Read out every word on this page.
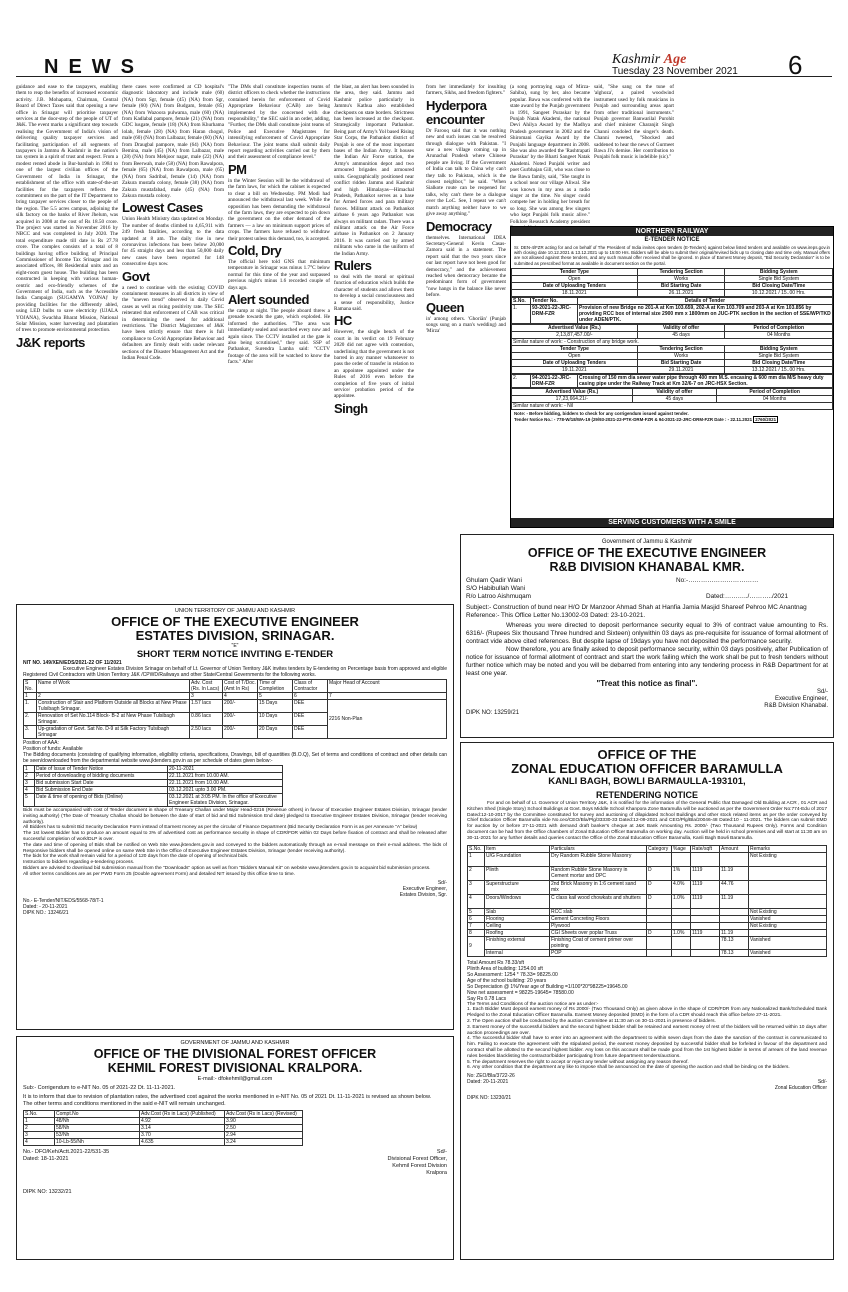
NEWS	Kashmir Age
Tuesday 23 November 2021 6

guidance and ease to the taxpayers, enabling them to reap the benefits of increased economic activity. J.B. Mohapatra, Chairman, Central Board of Direct Taxes said that opening a new office in Srinagar will prioritise taxpayer services at the door-step of the people of UT of J&K. The event marks a significant step towards realising the Government of India's vision of delivering quality taxpayer services and facilitating participation of all segments of taxpayers in Jammu & Kashmir in the nation's tax system in a spirit of trust and respect. From a modest rented abode in Bur-barshah in 1984 to one of the largest civilian offices of the Government of India in Srinagar, the establishment of the office with state-of-the-art facilities for the taxpayers reflects the commitment on the part of the IT Department to bring taxpayer services closer to the people of the region. The 5.5 acres campus, adjoining the silk factory on the banks of River Jhelum, was acquired in 2008 at the cost of Rs 18.50 crore. The project was started in November 2016 by NBCC and was completed in July 2020. The total expenditure made till date is Rs 27.78 crore. The complex consists of a total of 8 buildings having office building of Principal Commissioner of Income Tax Srinagar and its associated offices, 88 Residential units and an eight-room guest house. The building has been constructed in keeping with various human-centric and eco-friendly schemes of the Government of India, such as the 'Accessible India Campaign (SUGAMYA YOJNA)' by providing facilities for the differently abled, using LED bulbs to save electricity (UJALA YOJANA), Swachha Bharat Mission, National Solar Mission, water harvesting and plantation of trees to promote environmental protection.

J&K reports

there cases were confirmed at CD hospital's diagnostic laboratory and include male (60) (NA) from Sgr, female (45) (NA) from Sgr, female (60) (NA) from Budgam, female (85) (NA) from Wazoora pulwama, male (60) (NA) from Kadlabal pampore, female (21) (NA) from GDC lusgate, female (18) (NA) from Khurhama lolab, female (28) (NA) from Haran chogul, male (60) (NA) from Lalbazar, female (60) (NA) from Draugbal pampore, male (64) (NA) from Bemina, male (45) (NA) from Lalbazar, male (28) (NA) from Mehjoor nagar, male (22) (NA) from Beerwah, male (58) (NA) from Rawalpora, female (65) (NA) from Rawalpora, male (65) (NA) from Sadribal, female (14) (NA) from Zakura mustafa colony, female (38) (NA) from Zakura mustafabad, male (45) (NA) from Zakura mustafa colony.

Lowest Cases

Union Health Ministry data updated on Monday. The number of deaths climbed to 4,65,911 with 249 fresh fatalities, according to the data updated at 8 am. The daily rise in new coronavirus infections has been below 20,000 for 45 straight days and less than 50,000 daily new cases have been reported for 148 consecutive days now.

Govt

a need to continue with the existing COVID containment measures in all districts in view of the "uneven trend" observed in daily Covid cases as well as rising positivity rate. The SEC reiterated that enforcement of CAB was critical in determining the need for additional restrictions. The District Magistrates of J&K have been strictly ensure that there is full compliance to Covid Appropriate Behaviour and defaulters are firmly dealt with under relevant sections of the Disaster Management Act and the Indian Penal Code.

"The DMs shall constitute inspection teams of district officers to check whether the instructions contained herein for enforcement of Covid Appropriate Behaviour (CAB) are being implemented by the concerned with due responsibility," the SEC said in an order, adding, "Further, the DMs shall constitute joint teams of Police and Executive Magistrates for intensifying enforcement of Covid Appropriate Behaviour. The joint teams shall submit daily report regarding activities carried out by them and their assessment of compliance level."

PM

in the Winter Session will be the withdrawal of the farm laws, for which the cabinet is expected to clear a bill on Wednesday. PM Modi had announced the withdrawal last week. While the opposition has been demanding the withdrawal of the farm laws, they are expected to pin down the government on the other demand of the farmers — a law on minimum support prices of crops. The farmers have refused to withdraw their protest unless this demand, too, is accepted.

Cold, Dry

The official here told GNS that minimum temperature in Srinagar was minus 1.7°C below normal for this time of the year and surpassed previous night's minus 1.6 recorded couple of days ago.

Alert sounded

the camp at night. The people aboard threw a grenade towards the gate, which exploded. He informed the authorities. "The area was immediately sealed and searched every now and again since. The CCTV installed at the gate is also being scrutinised," they said. SSP of Pathankot, Surendra Lamba said: "CCTV footage of the area will be watched to know the facts." After

the blast, an alert has been sounded in the area, they said. Jammu and Kashmir police particularly in Jammu's Kathua also established checkposts on state borders. Strictness has been increased at the checkpost. Strategically important Pathankot. Being part of Army's Yol based Rising Star Corps, the Pathankot district of Punjab is one of the most important bases of the Indian Army. It houses the Indian Air Force station, the Army's ammunition depot and two armoured brigades and armoured units. Geographically positioned near conflict ridden Jammu and Kashmir and high Himalayas—Himachal Pradesh, Pathankot serves as a base for Armed forces and para military forces. Militant attack on Pathankot airbase 6 years ago Pathankot was always on militant radars. There was a militant attack on the Air Force airbase in Pathankot on 2 January 2016. It was carried out by armed militants who came in the uniform of the Indian Army.

Rulers

to deal with the moral or spiritual function of education which builds the character of students and allows them to develop a social consciousness and a sense of responsibility, Justice Ramana said.

HC

However, the single bench of the court in its verdict on 19 February 2020 did not agree with contention, underlining that the government is not barred in any manner whatsoever to pass the order of transfer in relation to an appointee appointed under the Rules of 2016 even before the completion of five years of initial service/ probation period of the appointee.

Singh

from her immediately for insulting farmers, Sikhs, and freedom fighters."

Hyderpora encounter

Dr Farooq said that it was nothing new and such issues can be resolved through dialogue with Pakistan. "I saw a new village coming up in Arunachal Pradesh where Chinese people are living. If the Government of India can talk to China why can't they talk to Pakistan, which is the closest neighbor," he said. "When Sialkote route can be reopened for talks, why can't there be a dialogue over the LoC. See, I repeat we can't match anything neither have to we give away anything."

Democracy

themselves. International IDEA Secretary-General Kevin Casas-Zamora said in a statement. The report said that the two years since our last report have not been good for democracy," and the achievement reached when democracy became the predominant form of government "now hangs in the balance like never before.

Queen

in' among others. 'Ghoriān' (Punjab songs sung on a man's wedding) and 'Mirza'

(a song portraying saga of Mirza-Sahiba), sung by her, also became popular. Bawa was conferred with the state award by the Punjab government in 1991, Sangeet Puraskar by the Punjab Natak Akademi, the national Devi Ahilya Award by the Madhya Pradesh government in 2002 and the Shiromani Gayika Award by the Punjabi language department in 2008. She was also awarded the 'Rashtrapati Puraskar' by the Bharti Sangeet Natak Akademi. Noted Punjabi writer and poet Gurbhajan Gill, who was close to the Bawa family, said, "She taught in a school near our village Aliwal. She was known in my area as a radio singer at the time. No singer could compete her in holding her breath for so long. She was among few singers who kept Punjabi folk music alive." Folklore Research Academy president

said, "She sang on the tune of 'alghoza', a paired woodwind instrument used by folk musicians in Punjab and surrounding areas apart from other traditional instruments." Punjab governor Banwarilal Purohit and chief minister Charanjit Singh Channi condoled the singer's death. Channi tweeted, "Shocked and saddened to hear the news of Gurmeet Bawa Ji's demise. Her contribution to Punjabi folk music is indelible (sic)."

NORTHERN RAILWAY
E-TENDER NOTICE
Sr. DEN-4/FZR acting for and on behalf of The President of India invites open tenders (E-Tenders) against below listed tenders and available on www.ireps.gov.in with closing date 10.12.2021 & 13.12.2021 up to 15:00 Hrs. Bidders will be able to submit their original/revised bids up to closing date and time only. Manual offers are not allowed against these tenders, and any such manual offer received shall be ignored. In place of Earnest Money deposit, "Bid Security Declaration" is to be submitted as prescribed format as available in document section on the portal.
Tender Type	Tendering Section	Bidding System
Open	Works	Single Bid System
Date of Uploading Tenders	Bid Starting Date	Bid Closing Date/Time
18.11.2021	26.11.2021	10.12.2021 / 15..00 Hrs.
S.No.	Tender No.	Details of Tender
1.	93-2021-22-JRC-DRM-FZR	Provision of new Bridge no 201-A at Km 103.659, 202-A at Km 103.709 and 203-A at Km 103.856 by providing RCC box of internal size 2900 mm x 1800mm on JUC-PTK section in the section of SSE/WP/TKD under ADEN/PTK.
Advertised Value (Rs.)	Validity of offer	Period of Completion
2,13,87,457.00/-	45 days	04 Months
Similar nature of work: - Construction of any bridge work.		
Tender Type	Tendering Section	Bidding System
Open	Works	Single Bid System
Date of Uploading Tenders	Bid Starting Date	Bid Closing Date/Time
19.11.2021	29.11.2021	13.12.2021 / 15..00 Hrs.
2.	94-2021-22-JRC-DRM-FZR	Crossing of 150 mm dia sewer water pipe through 400 mm M.S. encasing & 600 mm dia M/S heavy duty casing pipe under the Railway Track at Km 32/6-7 on JRC-HSX Section.
Advertised Value (Rs.)	Validity of offer	Period of Completion
17,23,664.21/-	45 days	04 Months
Similar nature of work: - Nil		
Note: - Before bidding, bidders to check for any corrigendum issued against tender.
Tender Notice No.: - 778-W/18/WA-19 (29/93-2021-22-PTK-DRM-FZR & 94-2021-22-JRC-DRM-FZR Date : - 22.11.2021 2760/2021
SERVING CUSTOMERS WITH A SMILE
Government of Jammu & Kashmir
OFFICE OF THE EXECUTIVE ENGINEER
R&B DIVISION KHANABAL KMR.
Ghulam Qadir Wani
S/O Habibullah Wani
R/o Latroo Aishmuqam
No:-……………………………
Dated:………../………../2021
Subject:- Construction of bund near H/O Dr Manzoor Ahmad Shah at Hanfia Jamia Masjid Shareef Pehroo MC Anantnag
Reference:- This Office Letter No.13002-03 Dated: 23-10-2021.
Whereas you were directed to deposit performance security equal to 3% of contract value amounting to Rs. 6316/- (Rupees Six thousand Three hundred and Sixteen) onlywithin 03 days as pre-requisite for issuance of formal allotment of contract vide above cited references. But despite lapse of 19days you have not deposited the performance security.
Now therefore, you are finally asked to deposit performance security, within 03 days positively, after Publication of notice for issuance of formal allotment of contract and start the work failing which the work shall be put to fresh tenders without further notice which may be noted and you will be debarred from entering into any tendering process in R&B Department for at least one year.
"Treat this notice as final".
Sd/-
Executive Engineer,
R&B Division Khanabal.
DIPK NO: 13259/21
UNION TERRITORY OF JAMMU AND KASHMIR
OFFICE OF THE EXECUTIVE ENGINEER
ESTATES DIVISION, SRINAGAR.
"E"
SHORT TERM NOTICE INVITING E-TENDER
NIT NO. 149/XEN/EDS/2021-22 OF 11/2021
Executive Engineer Estates Division Srinagar on behalf of Lt. Governor of Union Territory J&K invites tenders by E-tendering on Percentage basis from approved and eligible Registered Civil Contractors with Union Territory J&K /CPWD/Railways and other State/Central Governments for the following works.
S No.	Name of Work	Adv. Cost (Rs. In Lacs)	Cost of T/Doc. (Amt In Rs)	Time of Completion	Class of Contractor	Major Head of Account
1	2	3	4	5	6	7
1.	Construction of Stair and Platform Outside all Blocks at New Phase Tulsibagh Srinagar.	1.57 lacs	200/-	15 Days	DEE	2216 Non-Plan
2.	Renovation of Set No.114 Block- B-2 at New Phase Tulsibagh Srinagar.	0.86 lacs	200/-	10 Days	DEE	
3.	Up-gradation of Govt. Sat No. D-9 at Silk Factory Tulsibagh Srinagar	2.50 lacs	200/-	20 Days	DEE	
Position of AAA:
Position of funds: Available
The Bidding documents (consisting of qualifying information, eligibility criteria, specifications, Drawings, bill of quantities (B.O.Q), Set of terms and conditions of contract and other details can be seen/downloaded from the departmental website www.jktenders.gov.in as per schedule of dates given below:-
1	Date of Issue of Tender Notice	20-11-2021
2	Period of downloading of bidding documents	22.11.2021 from 10.00 AM.
3	Bid submission Start Date	22.11.2021 from 10.00 AM.
4	Bid Submission End Date	03.12.2021 upto 3.00 PM.
5	Date & time of opening of Bids (Online)	03.12.2021 at 3:05 PM. In the office of Executive Engineer Estates Division, Srinagar.
Bids must be accompanied with cost of Tender document in shape of Treasury Challan under Major Head-0216 (Revenue others) in favour of Executive Engineer Estates Division, Srinagar (tender inviting authority) (The Date of Treasury Challan should be between the date of start of bid and Bid Submission End date) pledged to Executive Engineer Estates Division, Srinagar (tender receiving authority).
All Bidders has to submit Bid Security Declaration Form instead of Earnest money as per the circular of Finance Department (Bid Security Declaration Form is as per Annexure "A" below)
The 1st lowest Bidder has to produce an amount equal to 3% of advertised cost as performance security in shape of CDR/FDR within 02 Days before fixation of contract and shall be released after successful completion of work/DLP is over.
The date and time of opening of Bids shall be notified on Web Site www.jktenders.gov.in and conveyed to the bidders automatically through an e-mail message on their e-mail address. The bids of Responsive bidders shall be opened online on same Web Site in the Office of Executive Engineer Estates Division, Srinagar (tender receiving authority).
The bids for the work shall remain valid for a period of 120 days from the date of opening of technical bids.
Instruction to bidders regarding e-tendering process.
Bidders are advised to download bid submission manual from the "Downloads" option as well as from "Bidders Manual Kit" on website www.jktenders.gov.in to acquaint bid submission process.
All other terms conditions are as per PWD Form 25 (Double agreement Form) and detailed NIT issued by this office time to time.
Sd/-
Executive Engineer,
Estates Division, Sgr.
No.- E-Tender/NIT/EDS/5568-78/T-1
Dated: - 20-11-2021
DIPK NO.: 13246/21
GOVERNMENT OF JAMMU AND KASHMIR
OFFICE OF THE DIVISIONAL FOREST OFFICER
KEHMIL FOREST DIVISIONAL KRALPORA.
E-mail:- dfokehmil@gmail.com
Sub:- Corrigendum to e-NIT No. 05 of 2021-22 Dt. 11-11-2021.
It is to inform that due to revision of plantation rates, the advertised cost against the works mentioned in e-NIT No. 05 of 2021 Dt. 11-11-2021 is revised as shown below.
The other terms and conditions mentioned in the said e-NIT will remain unchanged.
S.No.	Compt.No	Adv.Cost (Rs in Lacs) (Published)	Adv.Cost (Rs in Lacs) (Revised)
1	48/Nh	4.92	3.90
2	58/Nh	3.14	2.50
3	53/Nh	3.70	2.94
4	10-Lb-55/Nh	4.635	3.24
No.- DFO/Keh/Actt.2021-22/531-35
Dated: 18-11-2021
Sd/-
Divisional Forest Officer,
Kehmil Forest Division
Kralpora
DIPK NO: 13232/21
OFFICE OF THE
ZONAL EDUCATION OFFICER BARAMULLA
KANLI BAGH, BOWLI BARMAULLA-193101,
RETENDERING NOTICE
For and on behalf of Lt. Governor of Union Territory J&K, it is notified for the information of the General Public that Damaged Old Building at ACR , 01 ACR and Kitchen Shed (Single Story) School Buildings at Govt. Boys Middle School Khanpora Zone Baramulla will be auctioned as per the Government Order No:774-Edu of 2017 Dated:12-10-2017 by the Committee constituted for survey and auctioning of dilapidated School Buildings and other stock related items as per the order conveyed by Chief Education Officer Baramulla vide No.ceo/CEO/Bla/Plg/33330-33 Dated:12-09-2021 and CEO/Plg/Bla/20046-48 Dated:10 - 11-2021. The bidders can submit EMD for auction by or before 27-11-2021 with demand draft banker's cheque at J&K Bank Amounting Rs. 2000/- (Two Thousand Rupees Only). Forms and Condition document can be had from the Office chambers of Zonal Education Officer Baramulla on working day. Auction will be held in school premises and will start at 11:30 am on 30-11-2021 for any further details and queries contact the Office of the Zonal Education Officer Baramulla, Kanli Bagh Bowli Baramulla.
S.No.	Item	Particulars	Category	%age	Rate/sqft	Amount	Remarks
1	U/G Foundation	Dry Random Rubble Stone Masonry					Not Existing
2	Plinth	Random Rubble Stone Masonry in Cement mortar and DPC	D	1%	1119	11.19	
3	Superstructure	2nd Brick Masonry in 1:6 cement sand mix	D	4.0%	1119	44.76	
4	Doors/Windows	C class kail wood chowkats and shutters	D	1.0%	1119	11.19	
5	Slab	RCC slab					Not Existing
6	Flooring	Cement Concreting Floors					Vanished
7	Ceiling	Plywood					Not Existing
8	Roofing	CGI Sheets over poplar Truss	D	1.0%	1119	11.19	
9	Finishing external	Finishing Coat of cement primer over pointing				78.13	Vanished
	Internal	POP				78.13	Vanished
Total Amount Rs 78.33/sft
Plinth Area of building: 1254.00 sft
So Assessment: 1254 * 78.33= 98225.00
Age of the school building: 20 years
So Depreciation @ 1%/Year age of Building =1/100*20*98225=19645.00
Now net assessment = 98225-19645= 78580.00
Say Rs 0.78 Lacs
The Terms and Conditions of the auction notice are as under:-
1. Each Bidder Must deposit earnest money of Rs 2000/- (Two Thousand Only) as given above in the shape of CDR/FDR from any Nationalized Bank/Scheduled Bank Pledged to the Zonal Education Officer Baramulla. Earnest Money deposited (EMD) in the form of a CDR should reach this office before 27-11-2021.
2. The Open auction shall be conducted by the auction Committee at 11:30 am on 30-11-2021 in presence of bidders.
3. Earnest money of the successful bidders and the second highest bidder shall be retained and earnest money of rest of the bidders will be returned within 10 days after auction proceedings are over.
4. The successful bidder shall have to enter into an agreement with the department to within seven days from the date the sanction of the contract is communicated to him. Failing to execute the agreement with the stipulated period, the earnest money deposited by successful bidder shall be forfeited in favour of the department and contract shall be allotted to the second highest bidder. Any loss on this account shall be made good from the 1st highest bidder in terms of arrears of the land revenue rules besides blacklisting the contractor/bidder participating from future department tenders/auctions.
5. The department reserves the right to accept or reject any tender without assigning any reason thereof.
6. Any other condition that the department any like to impose shall be announced on the date of opening the auction and shall be binding on the bidders.
No: ZEO/Bla/3722-26
Dated: 20-11-2021	Sd/-
Zonal Education Officer
DIPK NO: 13230/21
